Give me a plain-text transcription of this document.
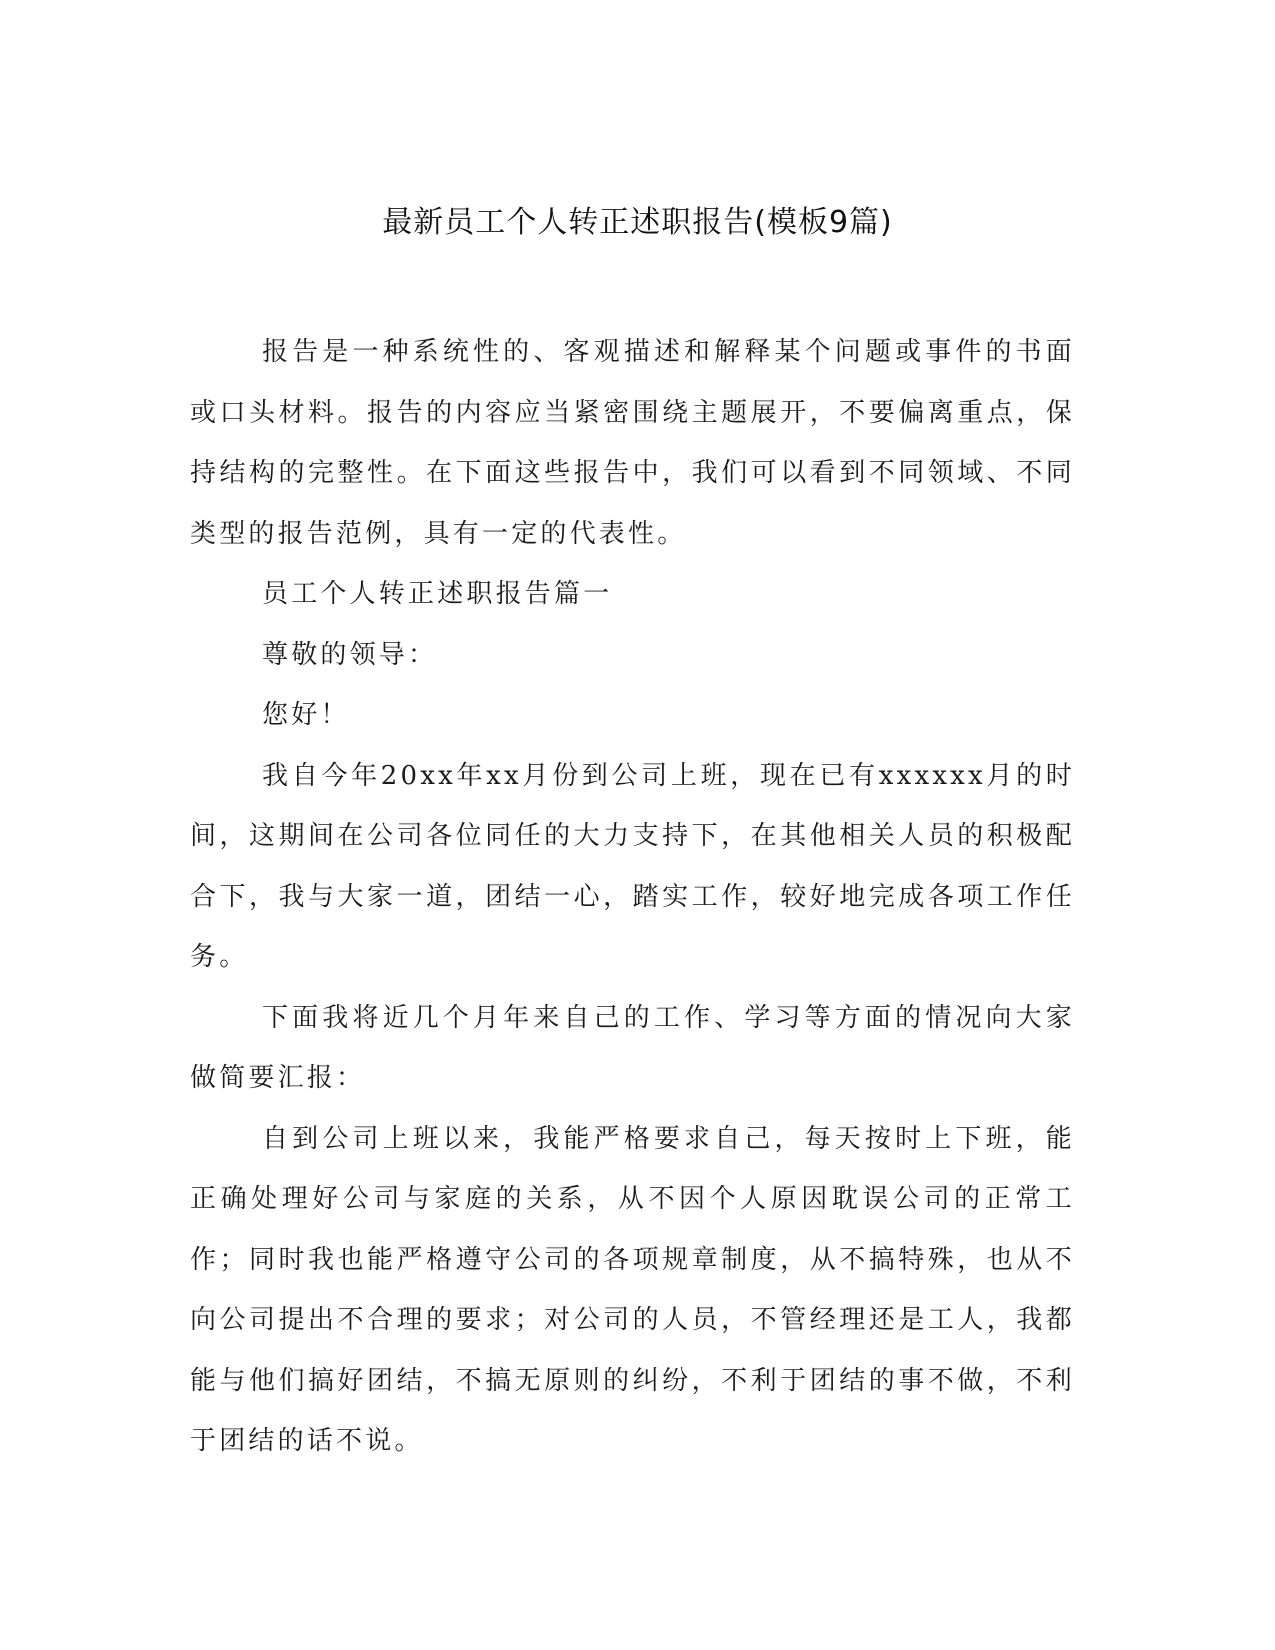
最新员工个人转正述职报告(模板9篇)

报告是一种系统性的、客观描述和解释某个问题或事件的书面或口头材料。报告的内容应当紧密围绕主题展开，不要偏离重点，保持结构的完整性。在下面这些报告中，我们可以看到不同领域、不同类型的报告范例，具有一定的代表性。

员工个人转正述职报告篇一

尊敬的领导：

您好！

我自今年20xx年xx月份到公司上班，现在已有xxxxxx月的时间，这期间在公司各位同任的大力支持下，在其他相关人员的积极配合下，我与大家一道，团结一心，踏实工作，较好地完成各项工作任务。

下面我将近几个月年来自己的工作、学习等方面的情况向大家做简要汇报：

自到公司上班以来，我能严格要求自己，每天按时上下班，能正确处理好公司与家庭的关系，从不因个人原因耽误公司的正常工作；同时我也能严格遵守公司的各项规章制度，从不搞特殊，也从不向公司提出不合理的要求；对公司的人员，不管经理还是工人，我都能与他们搞好团结，不搞无原则的纠纷，不利于团结的事不做，不利于团结的话不说。
